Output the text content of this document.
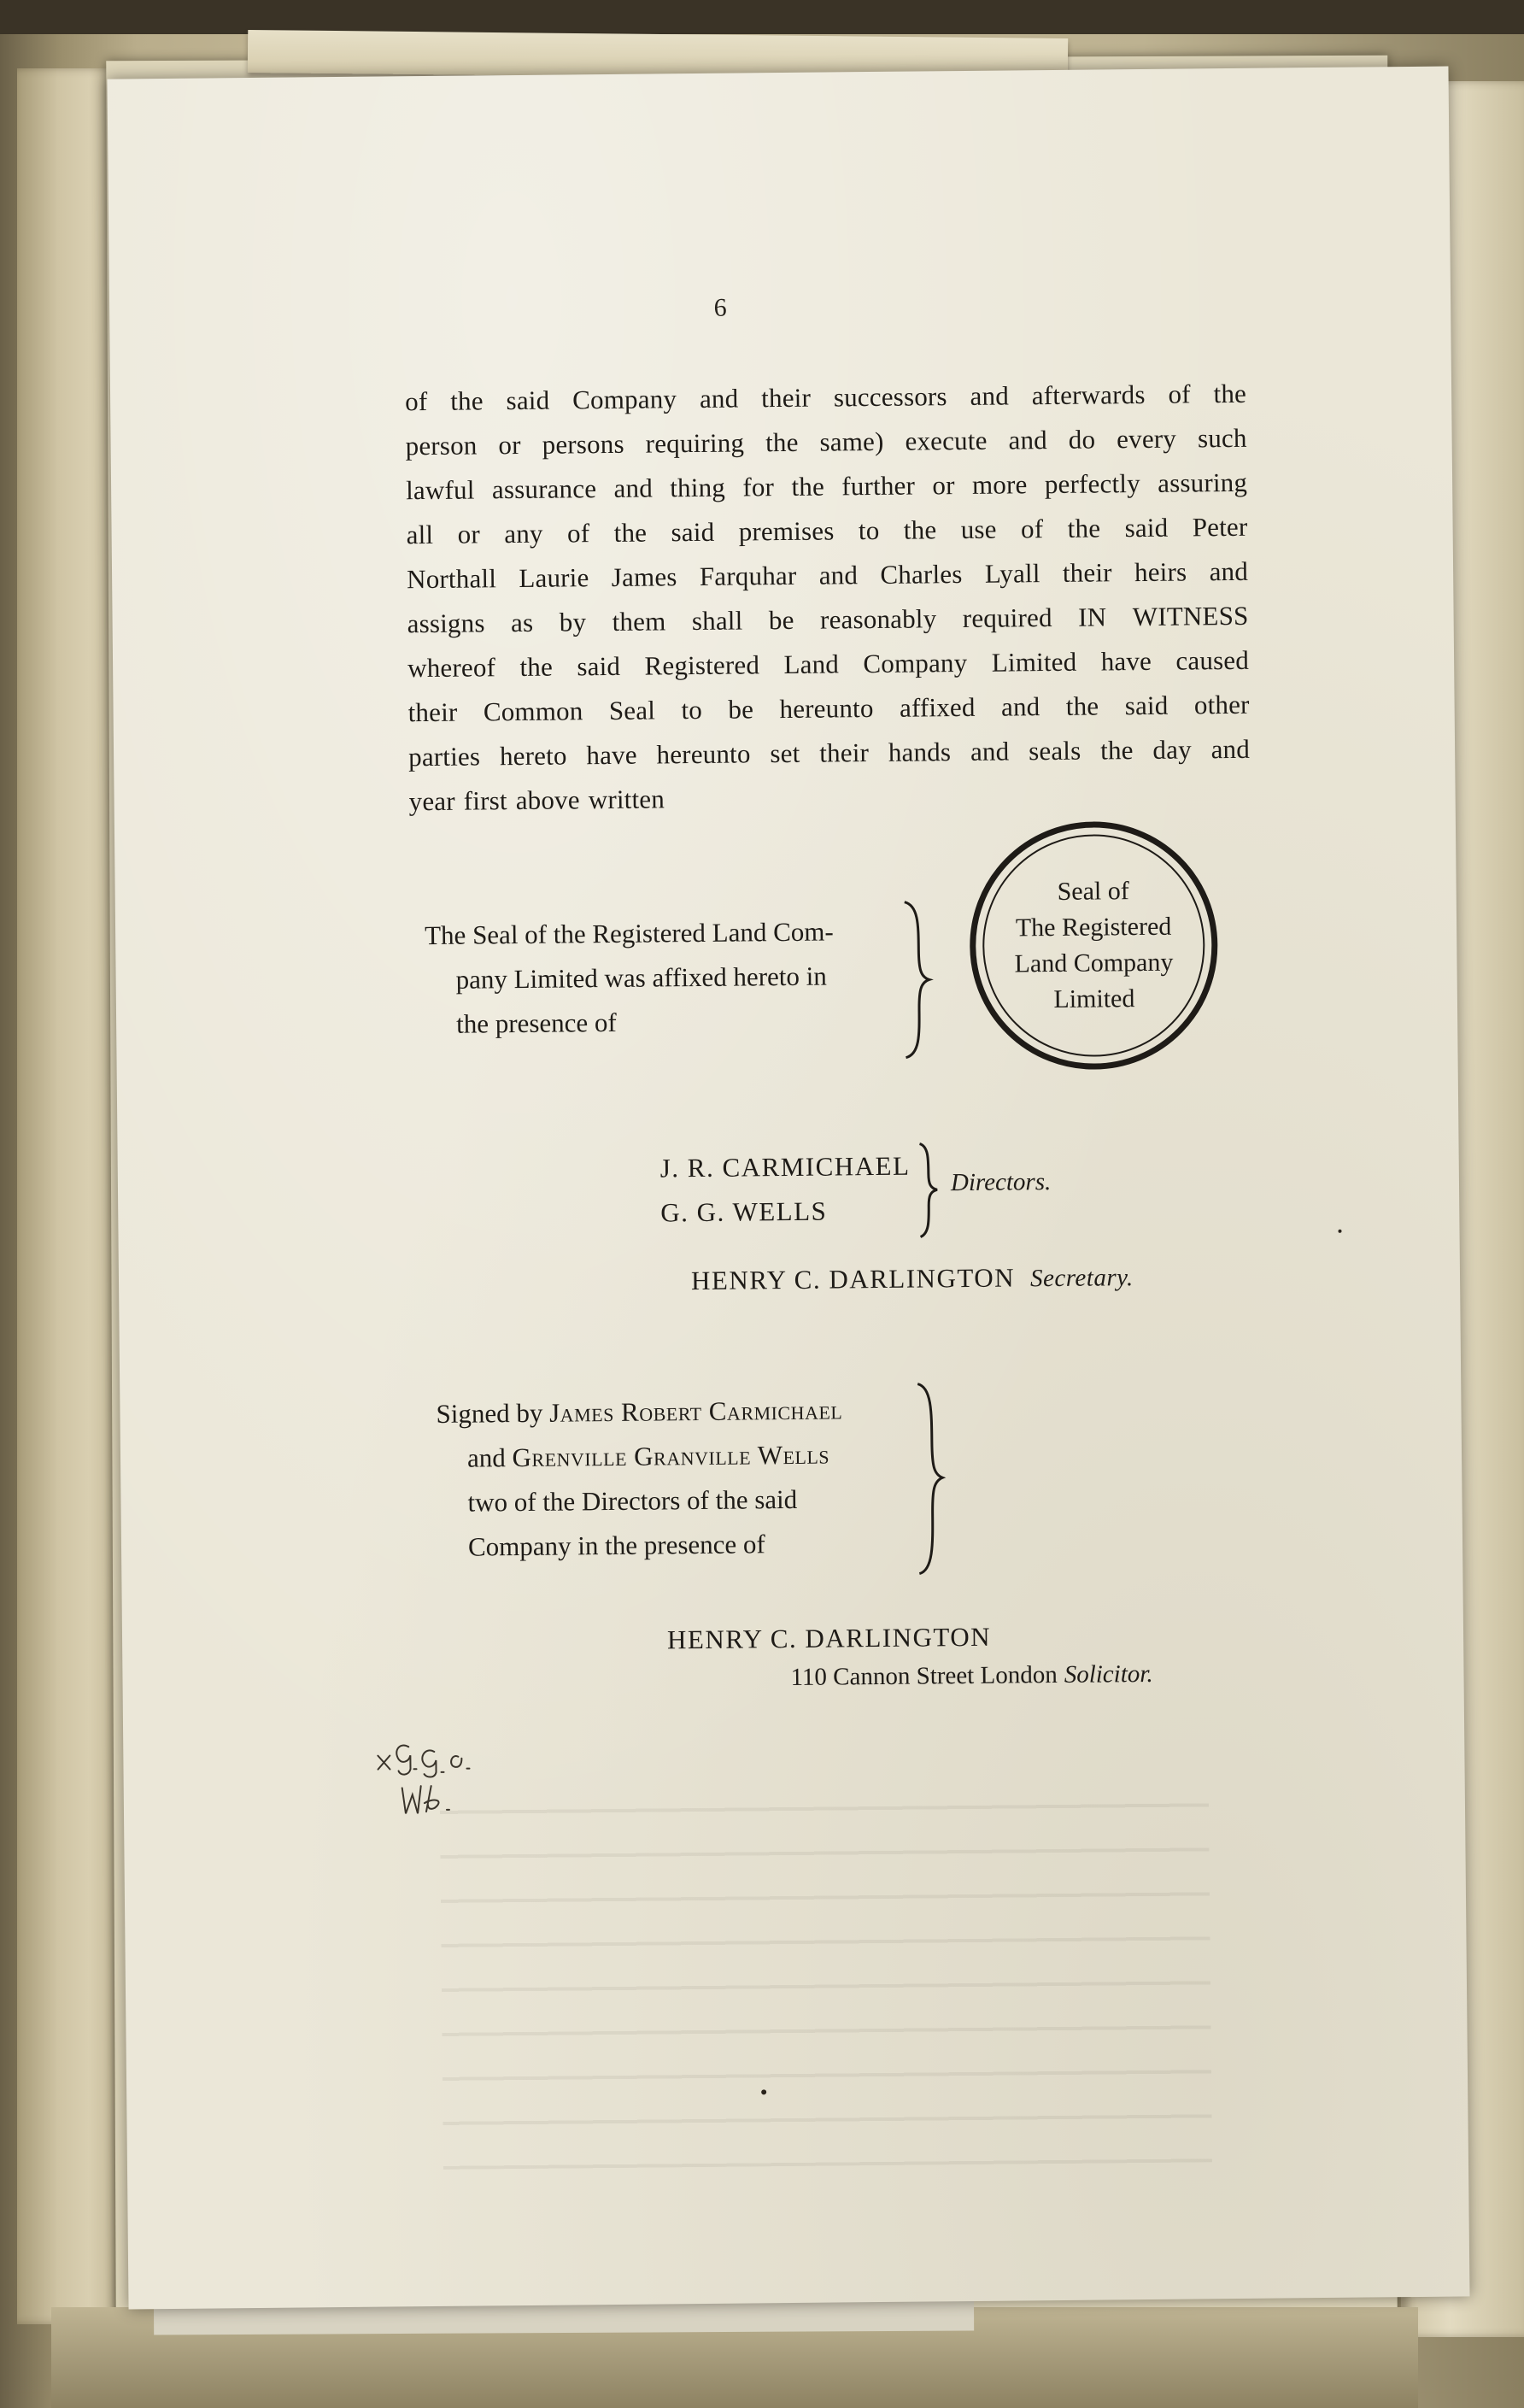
6
of the said Company and their successors and afterwards of the
person or persons requiring the same) execute and do every such
lawful assurance and thing for the further or more perfectly assuring
all or any of the said premises to the use of the said Peter
Northall Laurie James Farquhar and Charles Lyall their heirs and
assigns as by them shall be reasonably required IN WITNESS
whereof the said Registered Land Company Limited have caused
their Common Seal to be hereunto affixed and the said other
parties hereto have hereunto set their hands and seals the day and
year first above written
The Seal of the Registered Land Com-
pany Limited was affixed hereto in
the presence of
Seal of
The Registered
Land Company
Limited
J. R. CARMICHAEL
G. G. WELLS
Directors.
HENRY C. DARLINGTON Secretary.
Signed by James Robert Carmichael
and Grenville Granville Wells
two of the Directors of the said
Company in the presence of
HENRY C. DARLINGTON
110 Cannon Street London Solicitor.
